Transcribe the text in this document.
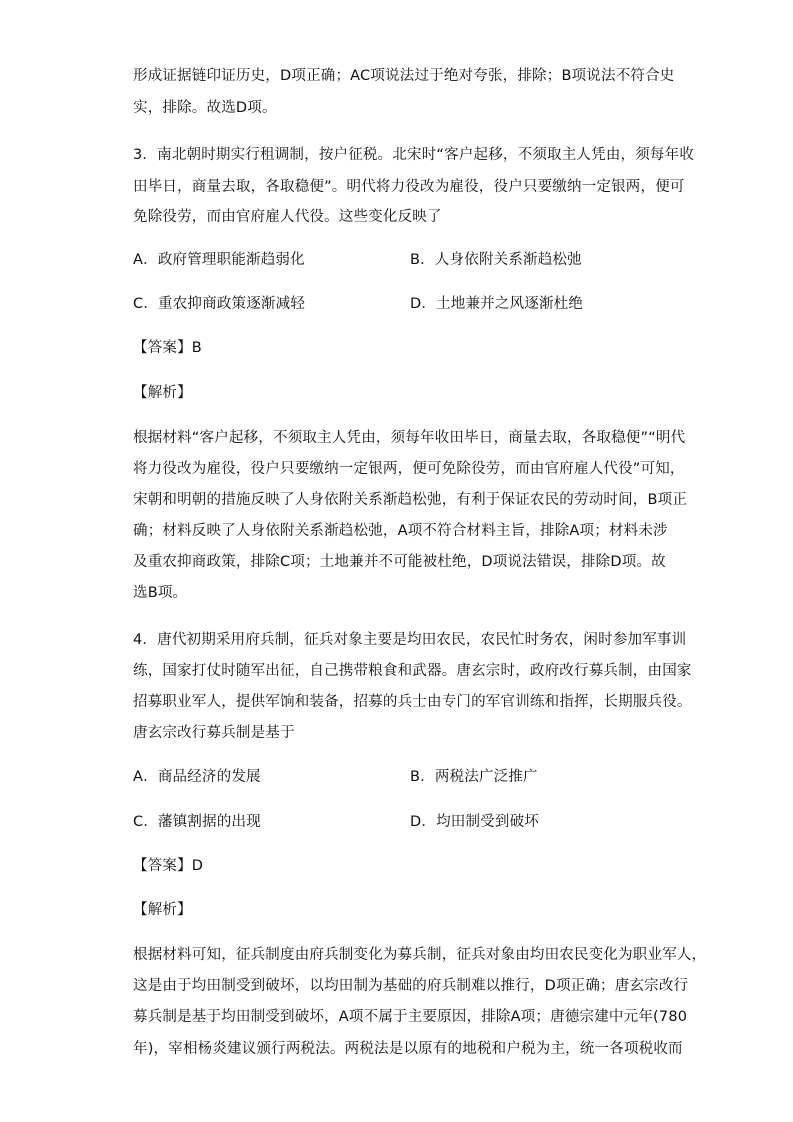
形成证据链印证历史，D项正确；AC项说法过于绝对夸张，排除；B项说法不符合史
实，排除。故选D项。
3．南北朝时期实行租调制，按户征税。北宋时“客户起移，不须取主人凭由，须每年收
田毕日，商量去取，各取稳便”。明代将力役改为雇役，役户只要缴纳一定银两，便可
免除役劳，而由官府雇人代役。这些变化反映了
A．政府管理职能渐趋弱化	B．人身依附关系渐趋松弛
C．重农抑商政策逐渐减轻	D．土地兼并之风逐渐杜绝
【答案】B
【解析】
根据材料“客户起移，不须取主人凭由，须每年收田毕日，商量去取，各取稳便”“明代
将力役改为雇役，役户只要缴纳一定银两，便可免除役劳，而由官府雇人代役”可知，
宋朝和明朝的措施反映了人身依附关系渐趋松弛，有利于保证农民的劳动时间，B项正
确；材料反映了人身依附关系渐趋松弛，A项不符合材料主旨，排除A项；材料未涉
及重农抑商政策，排除C项；土地兼并不可能被杜绝，D项说法错误，排除D项。故
选B项。
4．唐代初期采用府兵制，征兵对象主要是均田农民，农民忙时务农，闲时参加军事训
练，国家打仗时随军出征，自己携带粮食和武器。唐玄宗时，政府改行募兵制，由国家
招募职业军人，提供军饷和装备，招募的兵士由专门的军官训练和指挥，长期服兵役。
唐玄宗改行募兵制是基于
A．商品经济的发展	B．两税法广泛推广
C．藩镇割据的出现	D．均田制受到破坏
【答案】D
【解析】
根据材料可知，征兵制度由府兵制变化为募兵制，征兵对象由均田农民变化为职业军人，
这是由于均田制受到破坏，以均田制为基础的府兵制难以推行，D项正确；唐玄宗改行
募兵制是基于均田制受到破坏，A项不属于主要原因，排除A项；唐德宗建中元年(780
年)，宰相杨炎建议颁行两税法。两税法是以原有的地税和户税为主，统一各项税收而
